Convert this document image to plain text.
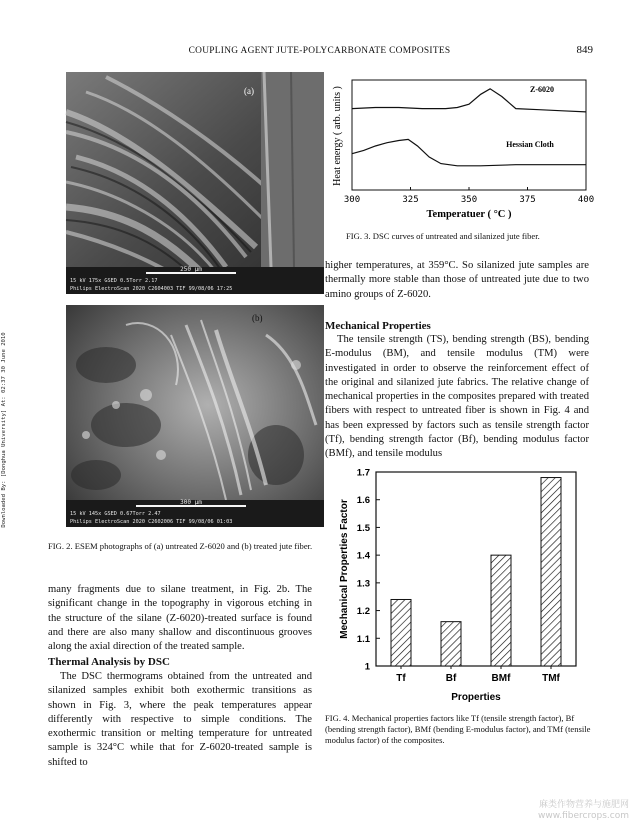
COUPLING AGENT JUTE-POLYCARBONATE COMPOSITES	849
Downloaded By: [Donghua University] At: 02:37 30 June 2010
250 μm
15 kV 175x GSED 0.5Torr 2.17
Philips ElectroScan 2020 C2604003 TIF 99/08/06 17:25
(a)
300 μm
15 kV 145x GSED 0.67Torr 2.47
Philips ElectroScan 2020 C2602006 TIF 99/08/06 01:03
(b)
FIG. 2. ESEM photographs of (a) untreated Z-6020 and (b) treated jute fiber.
many fragments due to silane treatment, in Fig. 2b. The significant change in the topography in vigorous etching in the structure of the silane (Z-6020)-treated surface is found and there are also many shallow and discontinuous grooves along the axial direction of the treated sample.
Thermal Analysis by DSC

The DSC thermograms obtained from the untreated and silanized samples exhibit both exothermic transitions as shown in Fig. 3, where the peak temperatures appear differently with respective to simple conditions. The exothermic transition or melting temperature for untreated sample is 324°C while that for Z-6020-treated sample is shifted to

300	325	350	375	400
Z-6020
Hessian Cloth
Heat energy ( arb. units )
Temperatuer ( °C )
FIG. 3. DSC curves of untreated and silanized jute fiber.
higher temperatures, at 359°C. So silanized jute samples are thermally more stable than those of untreated jute due to two amino groups of Z-6020.
Mechanical Properties

The tensile strength (TS), bending strength (BS), bending E-modulus (BM), and tensile modulus (TM) were investigated in order to observe the reinforcement effect of the original and silanized jute fabrics. The relative change of mechanical properties in the composites prepared with treated fibers with respect to untreated fiber is shown in Fig. 4 and has been expressed by factors such as tensile strength factor (Tf), bending strength factor (Bf), bending modulus factor (BMf), and tensile modulus

1
1.1
1.2
1.3
1.4
1.5
1.6
1.7
Tf	Bf	BMf	TMf
Mechanical Properties Factor
Properties
FIG. 4. Mechanical properties factors like Tf (tensile strength factor), Bf (bending strength factor), BMf (bending E-modulus factor), and TMf (tensile modulus factor) of the composites.
麻类作物营养与施肥网
www.fibercrops.com
